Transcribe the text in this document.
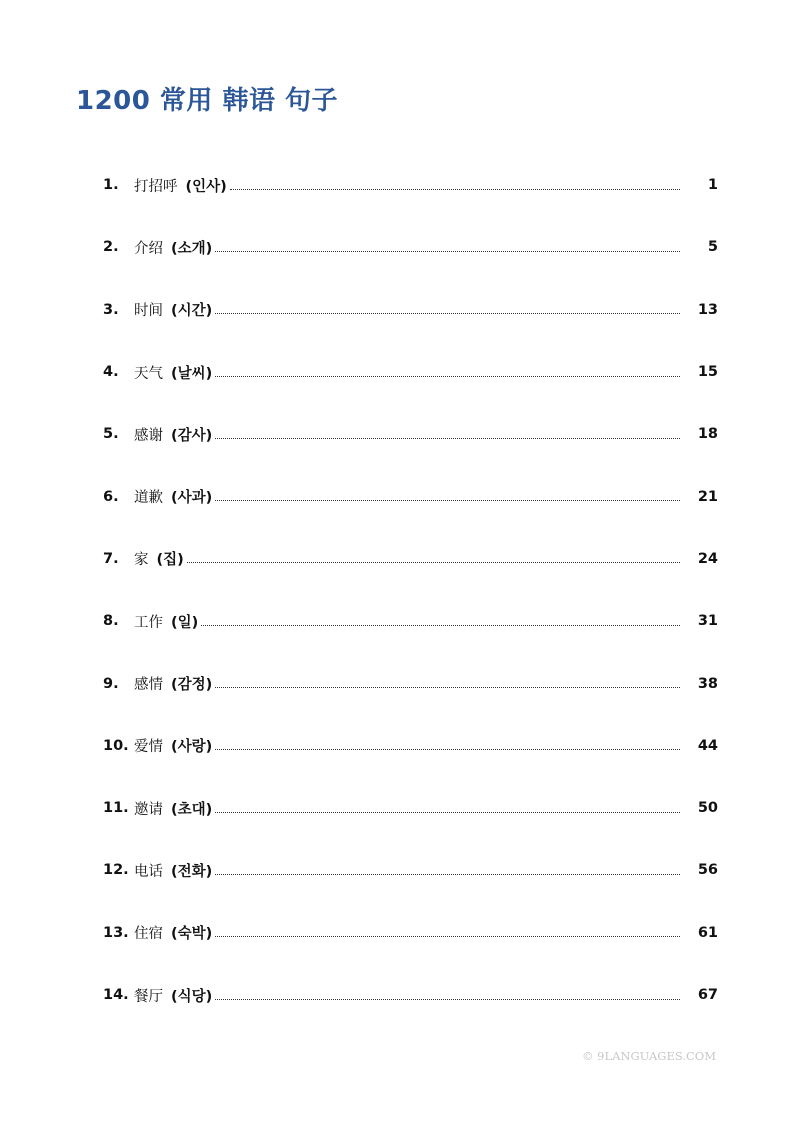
1200 常用 韩语 句子
1.	打招呼 (인사)	1
2.	介绍 (소개)	5
3.	时间 (시간)	13
4.	天气 (날씨)	15
5.	感谢 (감사)	18
6.	道歉 (사과)	21
7.	家 (집)	24
8.	工作 (일)	31
9.	感情 (감정)	38
10. 爱情 (사랑)	44
11. 邀请 (초대)	50
12. 电话 (전화)	56
13. 住宿 (숙박)	61
14. 餐厅 (식당)	67
© 9LANGUAGES.COM
